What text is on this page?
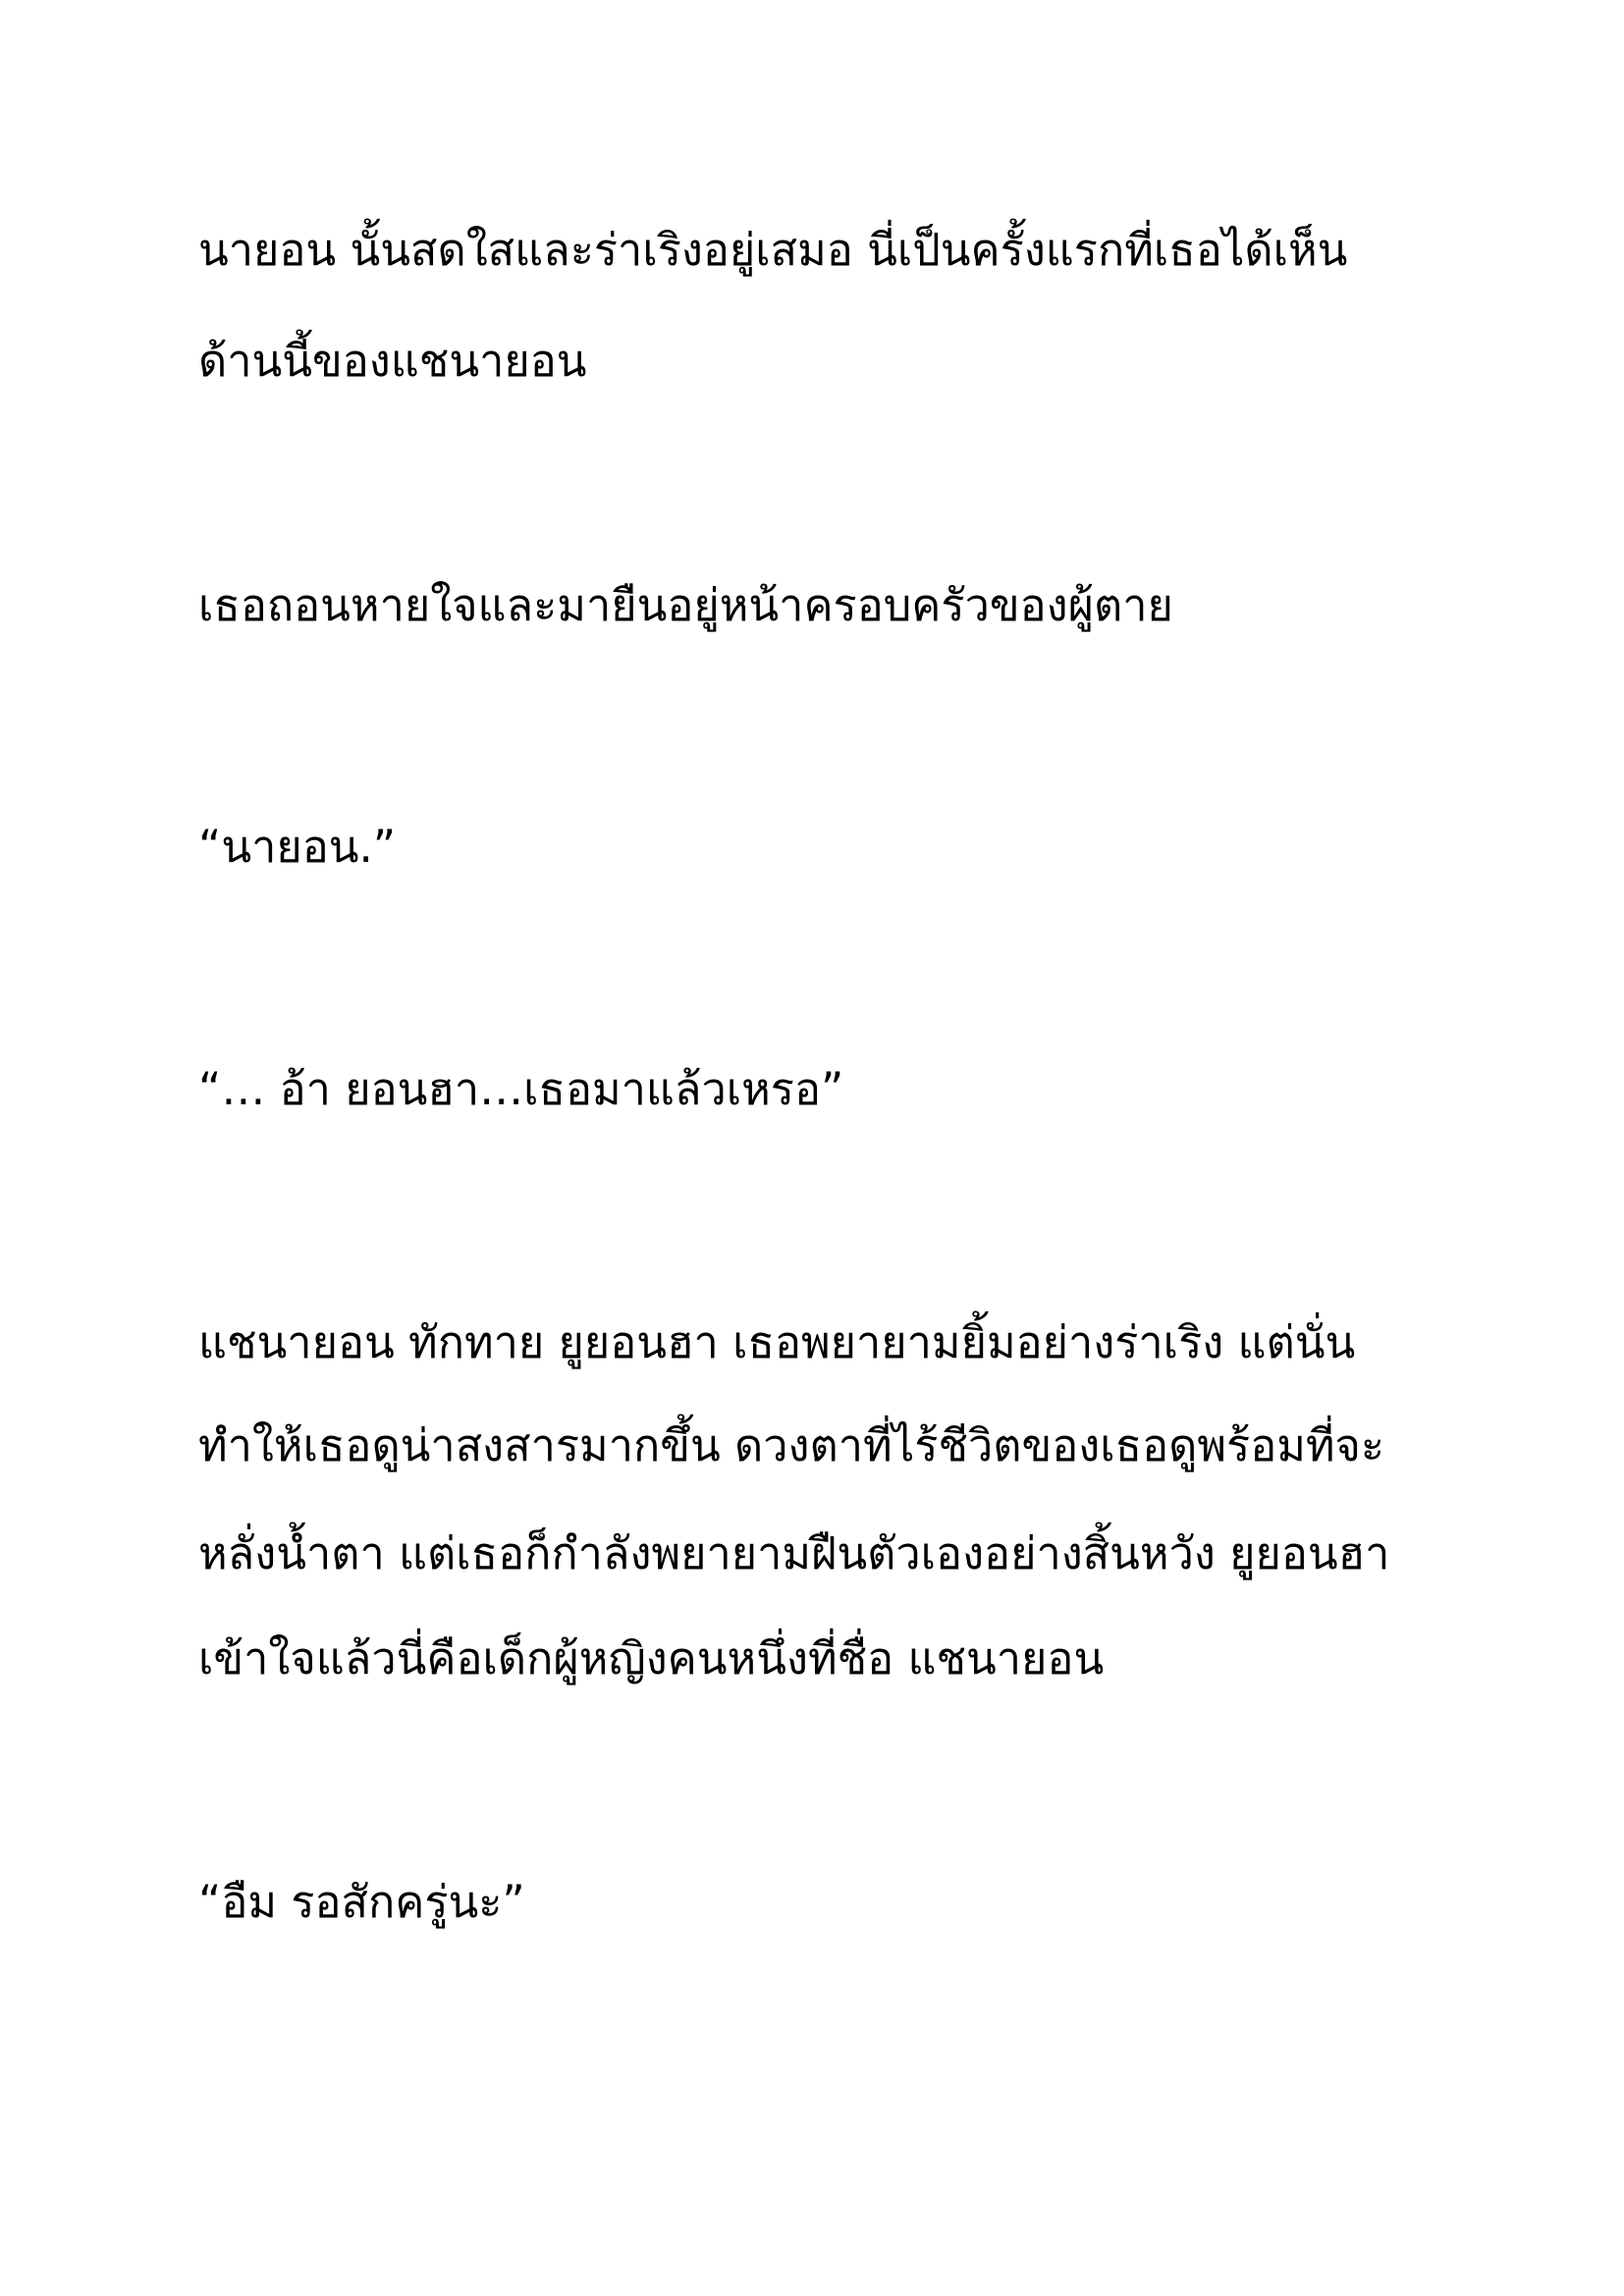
นายอน นั้นสดใสและร่าเริงอยู่เสมอ นี่เป็นครั้งแรกที่เธอได้เห็น

ด้านนี้ของแชนายอน

เธอถอนหายใจและมายืนอยู่หน้าครอบครัวของผู้ตาย

“นายอน.”

“… อ้า ยอนฮา…เธอมาแล้วเหรอ”

แชนายอน ทักทาย ยูยอนฮา เธอพยายามยิ้มอย่างร่าเริง แต่นั่น

ทำให้เธอดูน่าสงสารมากขึ้น ดวงตาที่ไร้ชีวิตของเธอดูพร้อมที่จะ

หลั่งน้ำตา แต่เธอก็กำลังพยายามฝืนตัวเองอย่างสิ้นหวัง ยูยอนฮา

เข้าใจแล้วนี่คือเด็กผู้หญิงคนหนึ่งที่ชื่อ แชนายอน

“อืม รอสักครู่นะ”
